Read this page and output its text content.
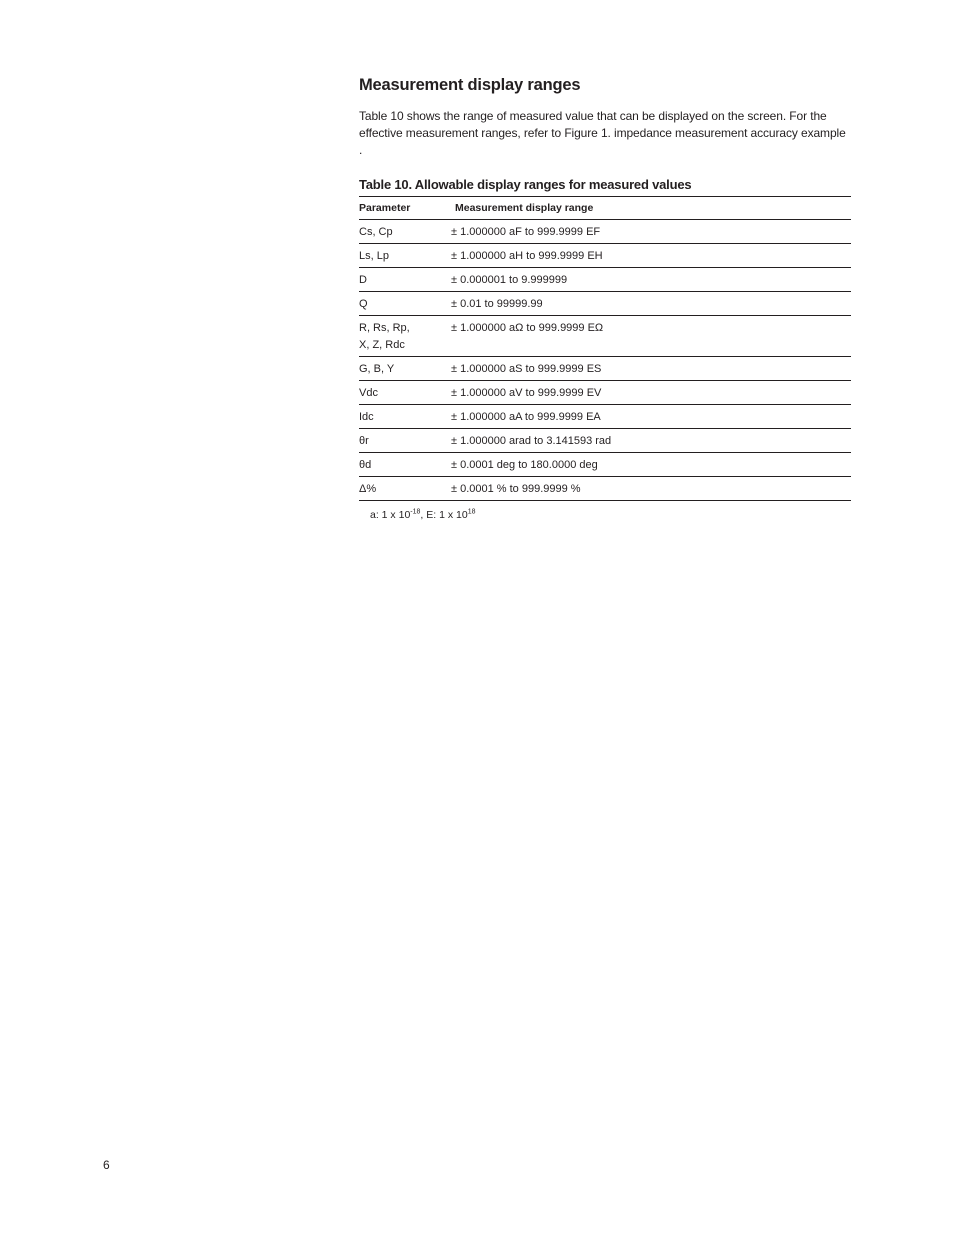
Measurement display ranges

Table 10 shows the range of measured value that can be displayed on the screen. For the effective measurement ranges, refer to Figure 1. impedance measurement accuracy example .

Table 10. Allowable display ranges for measured values
Parameter	Measurement display range
Cs, Cp	± 1.000000 aF to 999.9999 EF
Ls, Lp	± 1.000000 aH to 999.9999 EH
D	± 0.000001 to 9.999999
Q	± 0.01 to 99999.99

R, Rs, Rp,
X, Z, Rdc	± 1.000000 aΩ to 999.9999 EΩ
G, B, Y	± 1.000000 aS to 999.9999 ES
Vdc	± 1.000000 aV to 999.9999 EV
Idc	± 1.000000 aA to 999.9999 EA
θr	± 1.000000 arad to 3.141593 rad
θd	± 0.0001 deg to 180.0000 deg
Δ%	± 0.0001 % to 999.9999 %
a: 1 x $10^{-18}$, E: 1 x $10^{18}$
6
